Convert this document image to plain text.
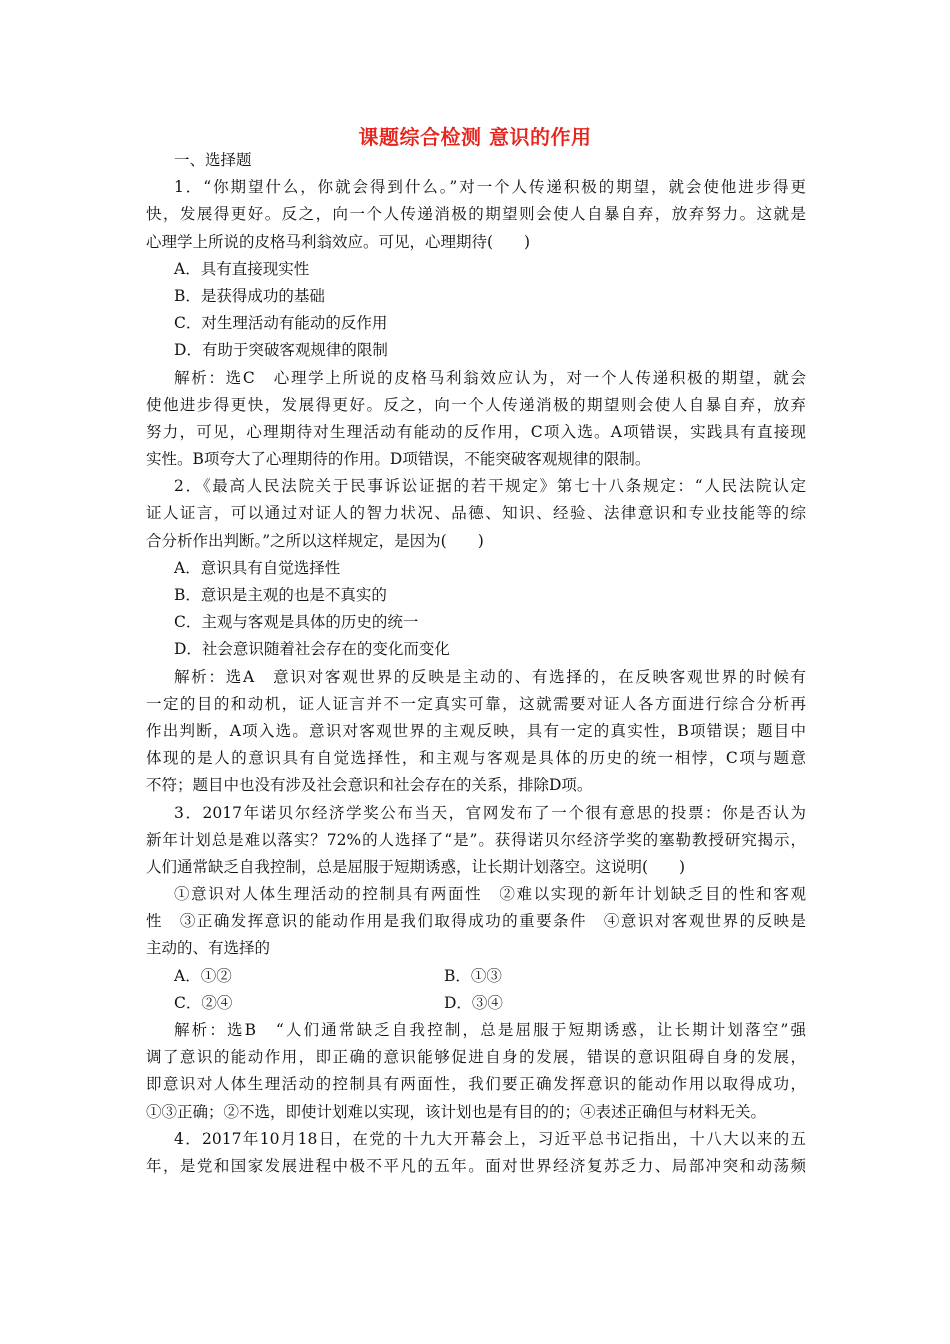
课题综合检测 意识的作用
一、选择题
1．“你期望什么，你就会得到什么。”对一个人传递积极的期望，就会使他进步得更
快，发展得更好。反之，向一个人传递消极的期望则会使人自暴自弃，放弃努力。这就是
心理学上所说的皮格马利翁效应。可见，心理期待(　　)
A．具有直接现实性
B．是获得成功的基础
C．对生理活动有能动的反作用
D．有助于突破客观规律的限制
解析：选C　心理学上所说的皮格马利翁效应认为，对一个人传递积极的期望，就会
使他进步得更快，发展得更好。反之，向一个人传递消极的期望则会使人自暴自弃，放弃
努力，可见，心理期待对生理活动有能动的反作用，C项入选。A项错误，实践具有直接现
实性。B项夸大了心理期待的作用。D项错误，不能突破客观规律的限制。
2．《最高人民法院关于民事诉讼证据的若干规定》第七十八条规定：“人民法院认定
证人证言，可以通过对证人的智力状况、品德、知识、经验、法律意识和专业技能等的综
合分析作出判断。”之所以这样规定，是因为(　　)
A．意识具有自觉选择性
B．意识是主观的也是不真实的
C．主观与客观是具体的历史的统一
D．社会意识随着社会存在的变化而变化
解析：选A　意识对客观世界的反映是主动的、有选择的，在反映客观世界的时候有
一定的目的和动机，证人证言并不一定真实可靠，这就需要对证人各方面进行综合分析再
作出判断，A项入选。意识对客观世界的主观反映，具有一定的真实性，B项错误；题目中
体现的是人的意识具有自觉选择性，和主观与客观是具体的历史的统一相悖，C项与题意
不符；题目中也没有涉及社会意识和社会存在的关系，排除D项。
3．2017年诺贝尔经济学奖公布当天，官网发布了一个很有意思的投票：你是否认为
新年计划总是难以落实？72%的人选择了“是”。获得诺贝尔经济学奖的塞勒教授研究揭示，
人们通常缺乏自我控制，总是屈服于短期诱惑，让长期计划落空。这说明(　　)
①意识对人体生理活动的控制具有两面性　②难以实现的新年计划缺乏目的性和客观
性　③正确发挥意识的能动作用是我们取得成功的重要条件　④意识对客观世界的反映是
主动的、有选择的
A．①②	B．①③
C．②④	D．③④
解析：选B　“人们通常缺乏自我控制，总是屈服于短期诱惑，让长期计划落空”强
调了意识的能动作用，即正确的意识能够促进自身的发展，错误的意识阻碍自身的发展，
即意识对人体生理活动的控制具有两面性，我们要正确发挥意识的能动作用以取得成功，
①③正确；②不选，即使计划难以实现，该计划也是有目的的；④表述正确但与材料无关。
4．2017年10月18日，在党的十九大开幕会上，习近平总书记指出，十八大以来的五
年，是党和国家发展进程中极不平凡的五年。面对世界经济复苏乏力、局部冲突和动荡频
